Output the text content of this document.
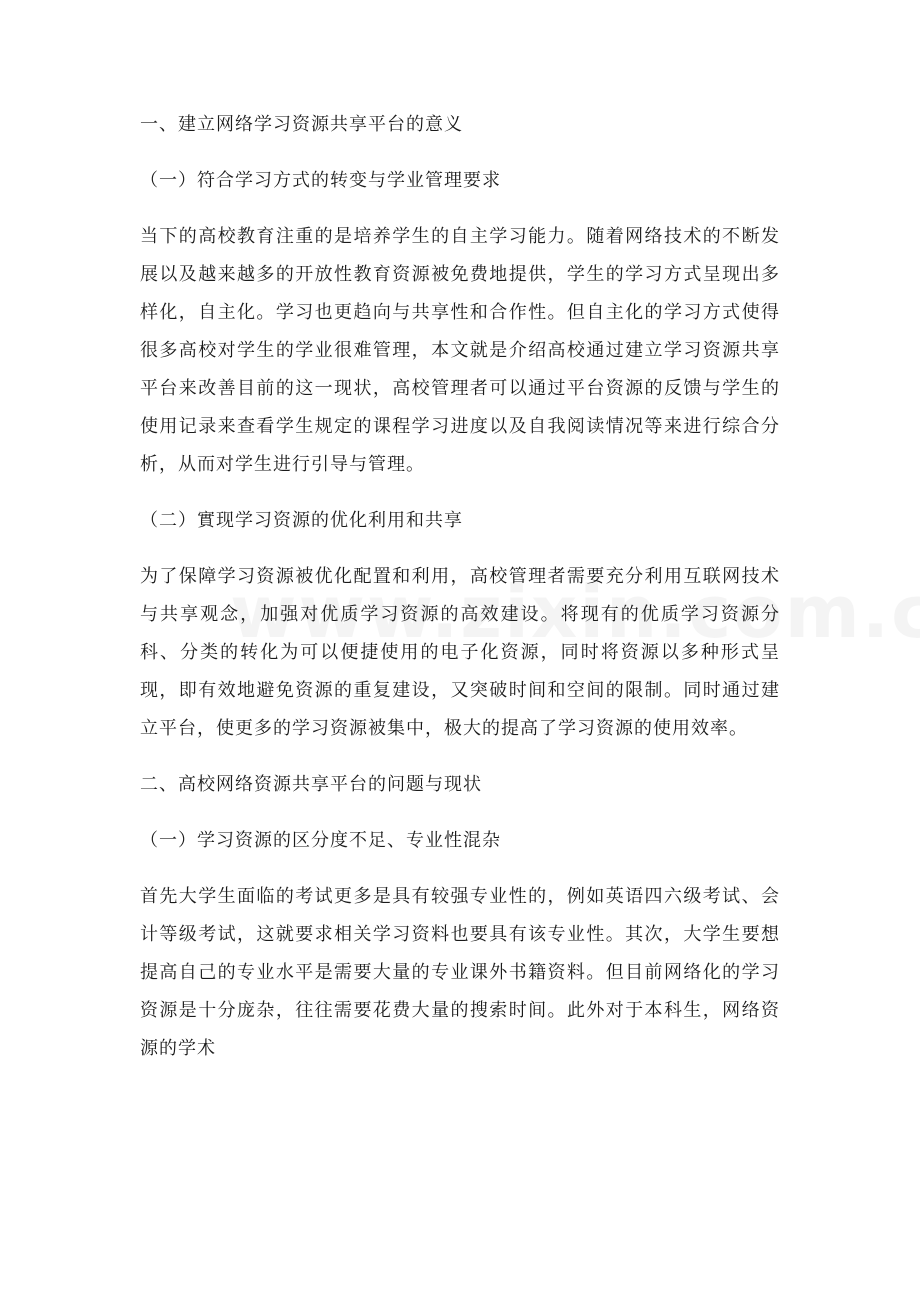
一、建立网络学习资源共享平台的意义

（一）符合学习方式的转变与学业管理要求

当下的高校教育注重的是培养学生的自主学习能力。随着网络技术的不断发展以及越来越多的开放性教育资源被免费地提供，学生的学习方式呈现出多样化，自主化。学习也更趋向与共享性和合作性。但自主化的学习方式使得很多高校对学生的学业很难管理，本文就是介绍高校通过建立学习资源共享平台来改善目前的这一现状，高校管理者可以通过平台资源的反馈与学生的使用记录来查看学生规定的课程学习进度以及自我阅读情况等来进行综合分析，从而对学生进行引导与管理。

（二）實现学习资源的优化利用和共享

为了保障学习资源被优化配置和利用，高校管理者需要充分利用互联网技术与共享观念，加强对优质学习资源的高效建设。将现有的优质学习资源分科、分类的转化为可以便捷使用的电子化资源，同时将资源以多种形式呈现，即有效地避免资源的重复建设，又突破时间和空间的限制。同时通过建立平台，使更多的学习资源被集中，极大的提高了学习资源的使用效率。

二、高校网络资源共享平台的问题与现状

（一）学习资源的区分度不足、专业性混杂

首先大学生面临的考试更多是具有较强专业性的，例如英语四六级考试、会计等级考试，这就要求相关学习资料也要具有该专业性。其次，大学生要想提高自己的专业水平是需要大量的专业课外书籍资料。但目前网络化的学习资源是十分庞杂，往往需要花费大量的搜索时间。此外对于本科生，网络资源的学术
